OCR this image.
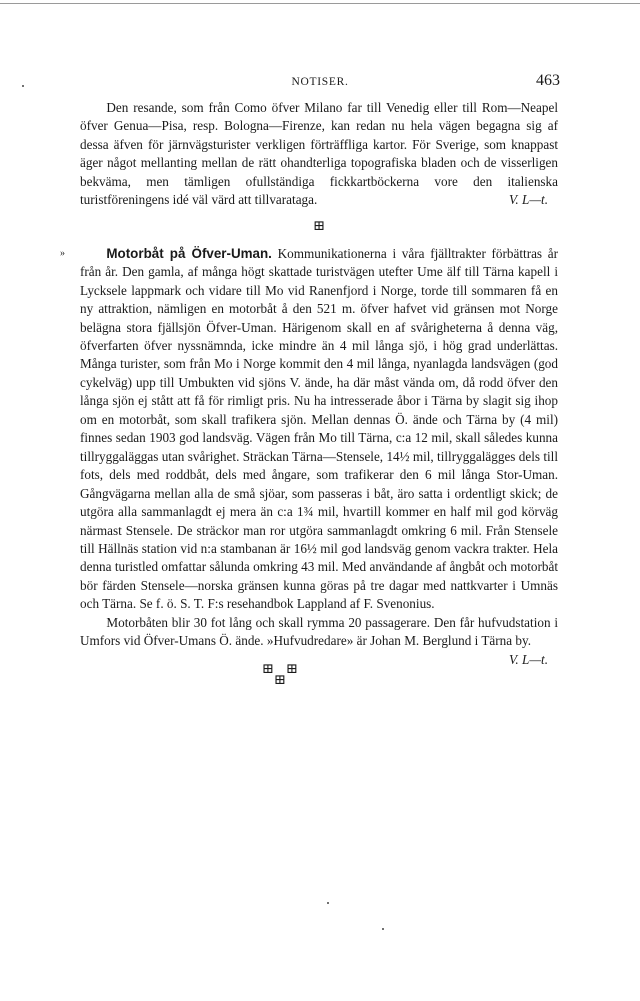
NOTISER.	463

Den resande, som från Como öfver Milano far till Venedig eller till Rom—Neapel öfver Genua—Pisa, resp. Bologna—Firenze, kan redan nu hela vägen begagna sig af dessa äfven för järnvägsturister verkligen förträffliga kartor. För Sverige, som knappast äger något mellanting mellan de rätt ohandterliga topografiska bladen och de visserligen bekväma, men tämligen ofullständiga fickkartböckerna vore den italienska turistföreningens idé väl värd att tillvarataga.	V. L—t.

⊞
»	Motorbåt på Öfver-Uman. Kommunikationerna i våra fjälltrakter förbättras år från år. Den gamla, af många högt skattade turistvägen utefter Ume älf till Tärna kapell i Lycksele lappmark och vidare till Mo vid Ranenfjord i Norge, torde till sommaren få en ny attraktion, nämligen en motorbåt å den 521 m. öfver hafvet vid gränsen mot Norge belägna stora fjällsjön Öfver-Uman. Härigenom skall en af svårigheterna å denna väg, öfverfarten öfver nyssnämnda, icke mindre än 4 mil långa sjö, i hög grad underlättas. Många turister, som från Mo i Norge kommit den 4 mil långa, nyanlagda landsvägen (god cykelväg) upp till Umbukten vid sjöns V. ände, ha där måst vända om, då rodd öfver den långa sjön ej stått att få för rimligt pris. Nu ha intresserade åbor i Tärna by slagit sig ihop om en motorbåt, som skall trafikera sjön. Mellan dennas Ö. ände och Tärna by (4 mil) finnes sedan 1903 god landsväg. Vägen från Mo till Tärna, c:a 12 mil, skall således kunna tillryggaläggas utan svårighet. Sträckan Tärna—Stensele, 14½ mil, tillryggalägges dels till fots, dels med roddbåt, dels med ångare, som trafikerar den 6 mil långa Stor-Uman. Gångvägarna mellan alla de små sjöar, som passeras i båt, äro satta i ordentligt skick; de utgöra alla sammanlagdt ej mera än c:a 1¾ mil, hvartill kommer en half mil god körväg närmast Stensele. De sträckor man ror utgöra sammanlagdt omkring 6 mil. Från Stensele till Hällnäs station vid n:a stambanan är 16½ mil god landsväg genom vackra trakter. Hela denna turistled omfattar sålunda omkring 43 mil. Med användande af ångbåt och motorbåt bör färden Stensele—norska gränsen kunna göras på tre dagar med nattkvarter i Umnäs och Tärna. Se f. ö. S. T. F:s resehandbok Lappland af F. Svenonius.

Motorbåten blir 30 fot lång och skall rymma 20 passagerare. Den får hufvudstation i Umfors vid Öfver-Umans Ö. ände. »Hufvudredare» är Johan M. Berglund i Tärna by.
V. L—t.

⊞
⊞
⊞
